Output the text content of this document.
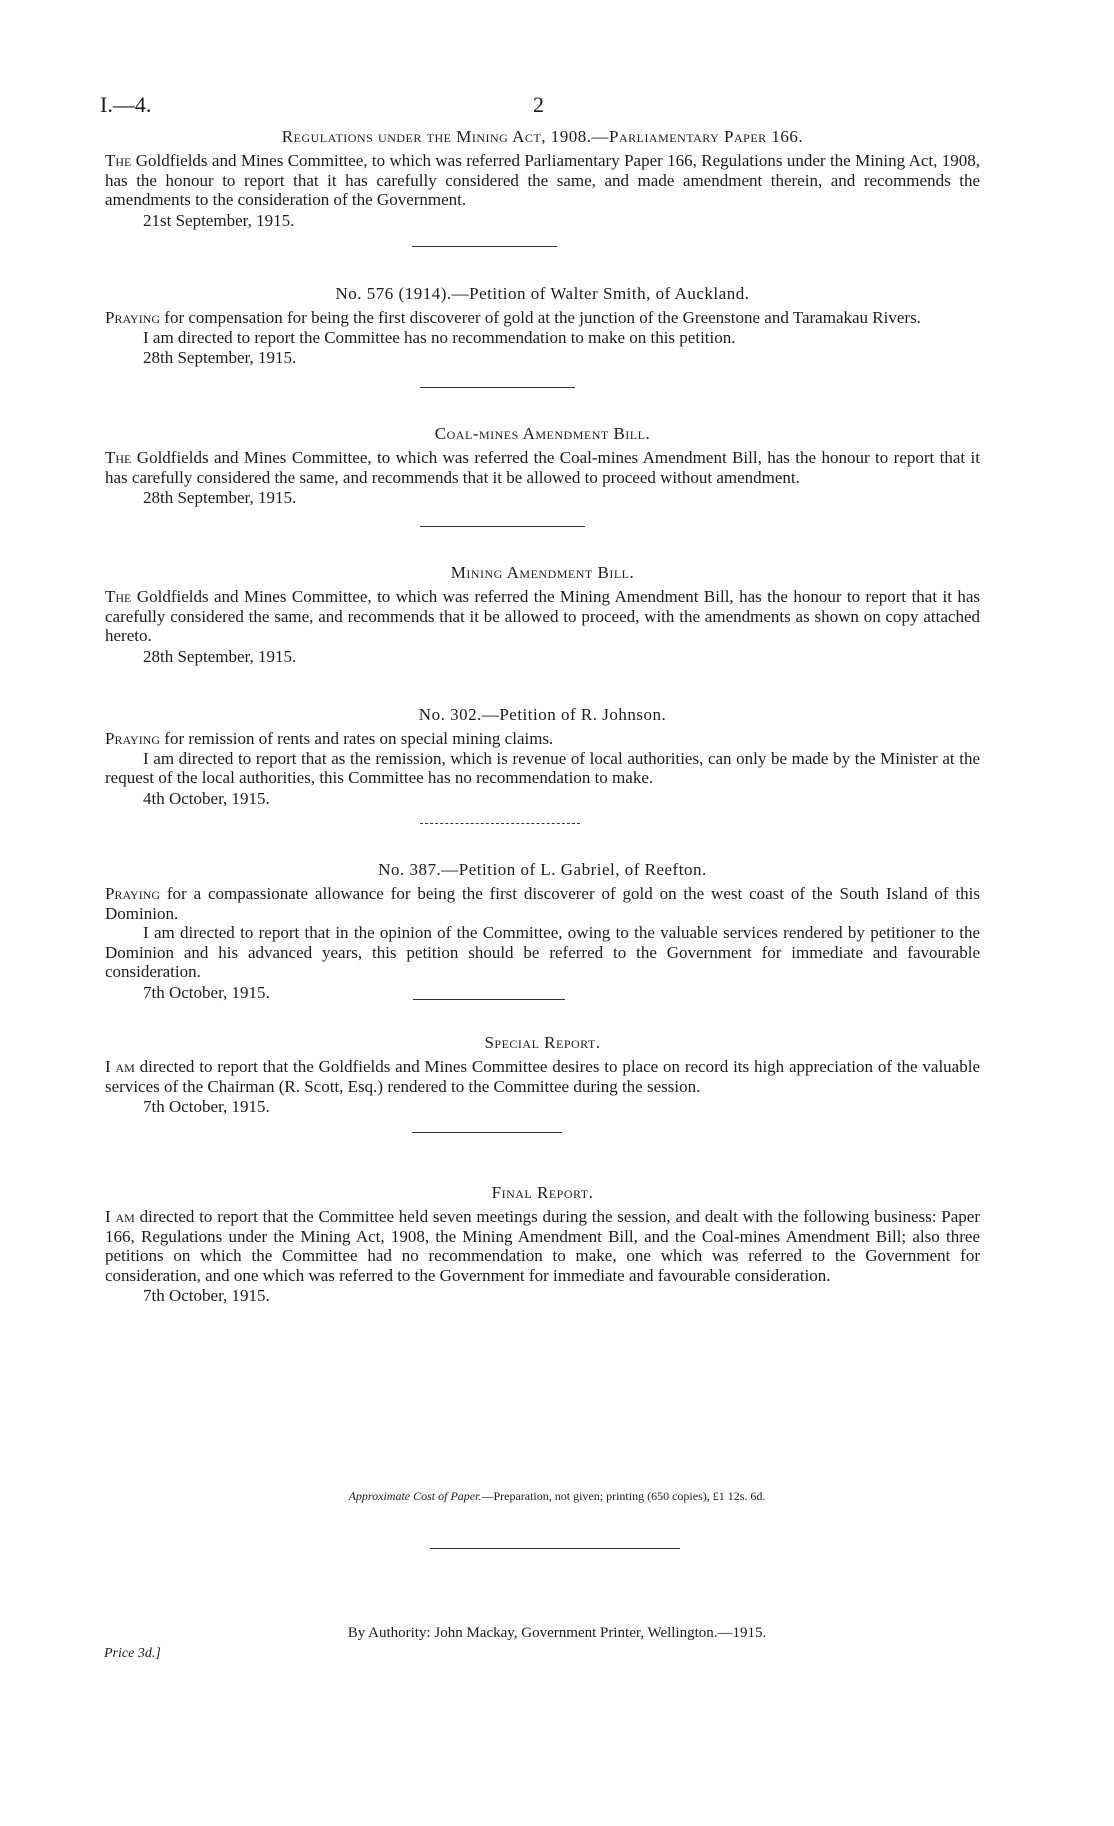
I.—4.	2

Regulations under the Mining Act, 1908.—Parliamentary Paper 166.

The Goldfields and Mines Committee, to which was referred Parliamentary Paper 166, Regulations under the Mining Act, 1908, has the honour to report that it has carefully considered the same, and made amendment therein, and recommends the amendments to the consideration of the Government.

21st September, 1915.

No. 576 (1914).—Petition of Walter Smith, of Auckland.

Praying for compensation for being the first discoverer of gold at the junction of the Greenstone and Taramakau Rivers.

I am directed to report the Committee has no recommendation to make on this petition.

28th September, 1915.

Coal-mines Amendment Bill.

The Goldfields and Mines Committee, to which was referred the Coal-mines Amendment Bill, has the honour to report that it has carefully considered the same, and recommends that it be allowed to proceed without amendment.

28th September, 1915.

Mining Amendment Bill.

The Goldfields and Mines Committee, to which was referred the Mining Amendment Bill, has the honour to report that it has carefully considered the same, and recommends that it be allowed to proceed, with the amendments as shown on copy attached hereto.

28th September, 1915.

No. 302.—Petition of R. Johnson.

Praying for remission of rents and rates on special mining claims.

I am directed to report that as the remission, which is revenue of local authorities, can only be made by the Minister at the request of the local authorities, this Committee has no recommendation to make.

4th October, 1915.

No. 387.—Petition of L. Gabriel, of Reefton.

Praying for a compassionate allowance for being the first discoverer of gold on the west coast of the South Island of this Dominion.

I am directed to report that in the opinion of the Committee, owing to the valuable services rendered by petitioner to the Dominion and his advanced years, this petition should be referred to the Government for immediate and favourable consideration.

7th October, 1915.

Special Report.

I am directed to report that the Goldfields and Mines Committee desires to place on record its high appreciation of the valuable services of the Chairman (R. Scott, Esq.) rendered to the Committee during the session.

7th October, 1915.

Final Report.

I am directed to report that the Committee held seven meetings during the session, and dealt with the following business: Paper 166, Regulations under the Mining Act, 1908, the Mining Amendment Bill, and the Coal-mines Amendment Bill; also three petitions on which the Committee had no recommendation to make, one which was referred to the Government for consideration, and one which was referred to the Government for immediate and favourable consideration.

7th October, 1915.

Approximate Cost of Paper.—Preparation, not given; printing (650 copies), £1 12s. 6d.
By Authority: John Mackay, Government Printer, Wellington.—1915.
Price 3d.]
